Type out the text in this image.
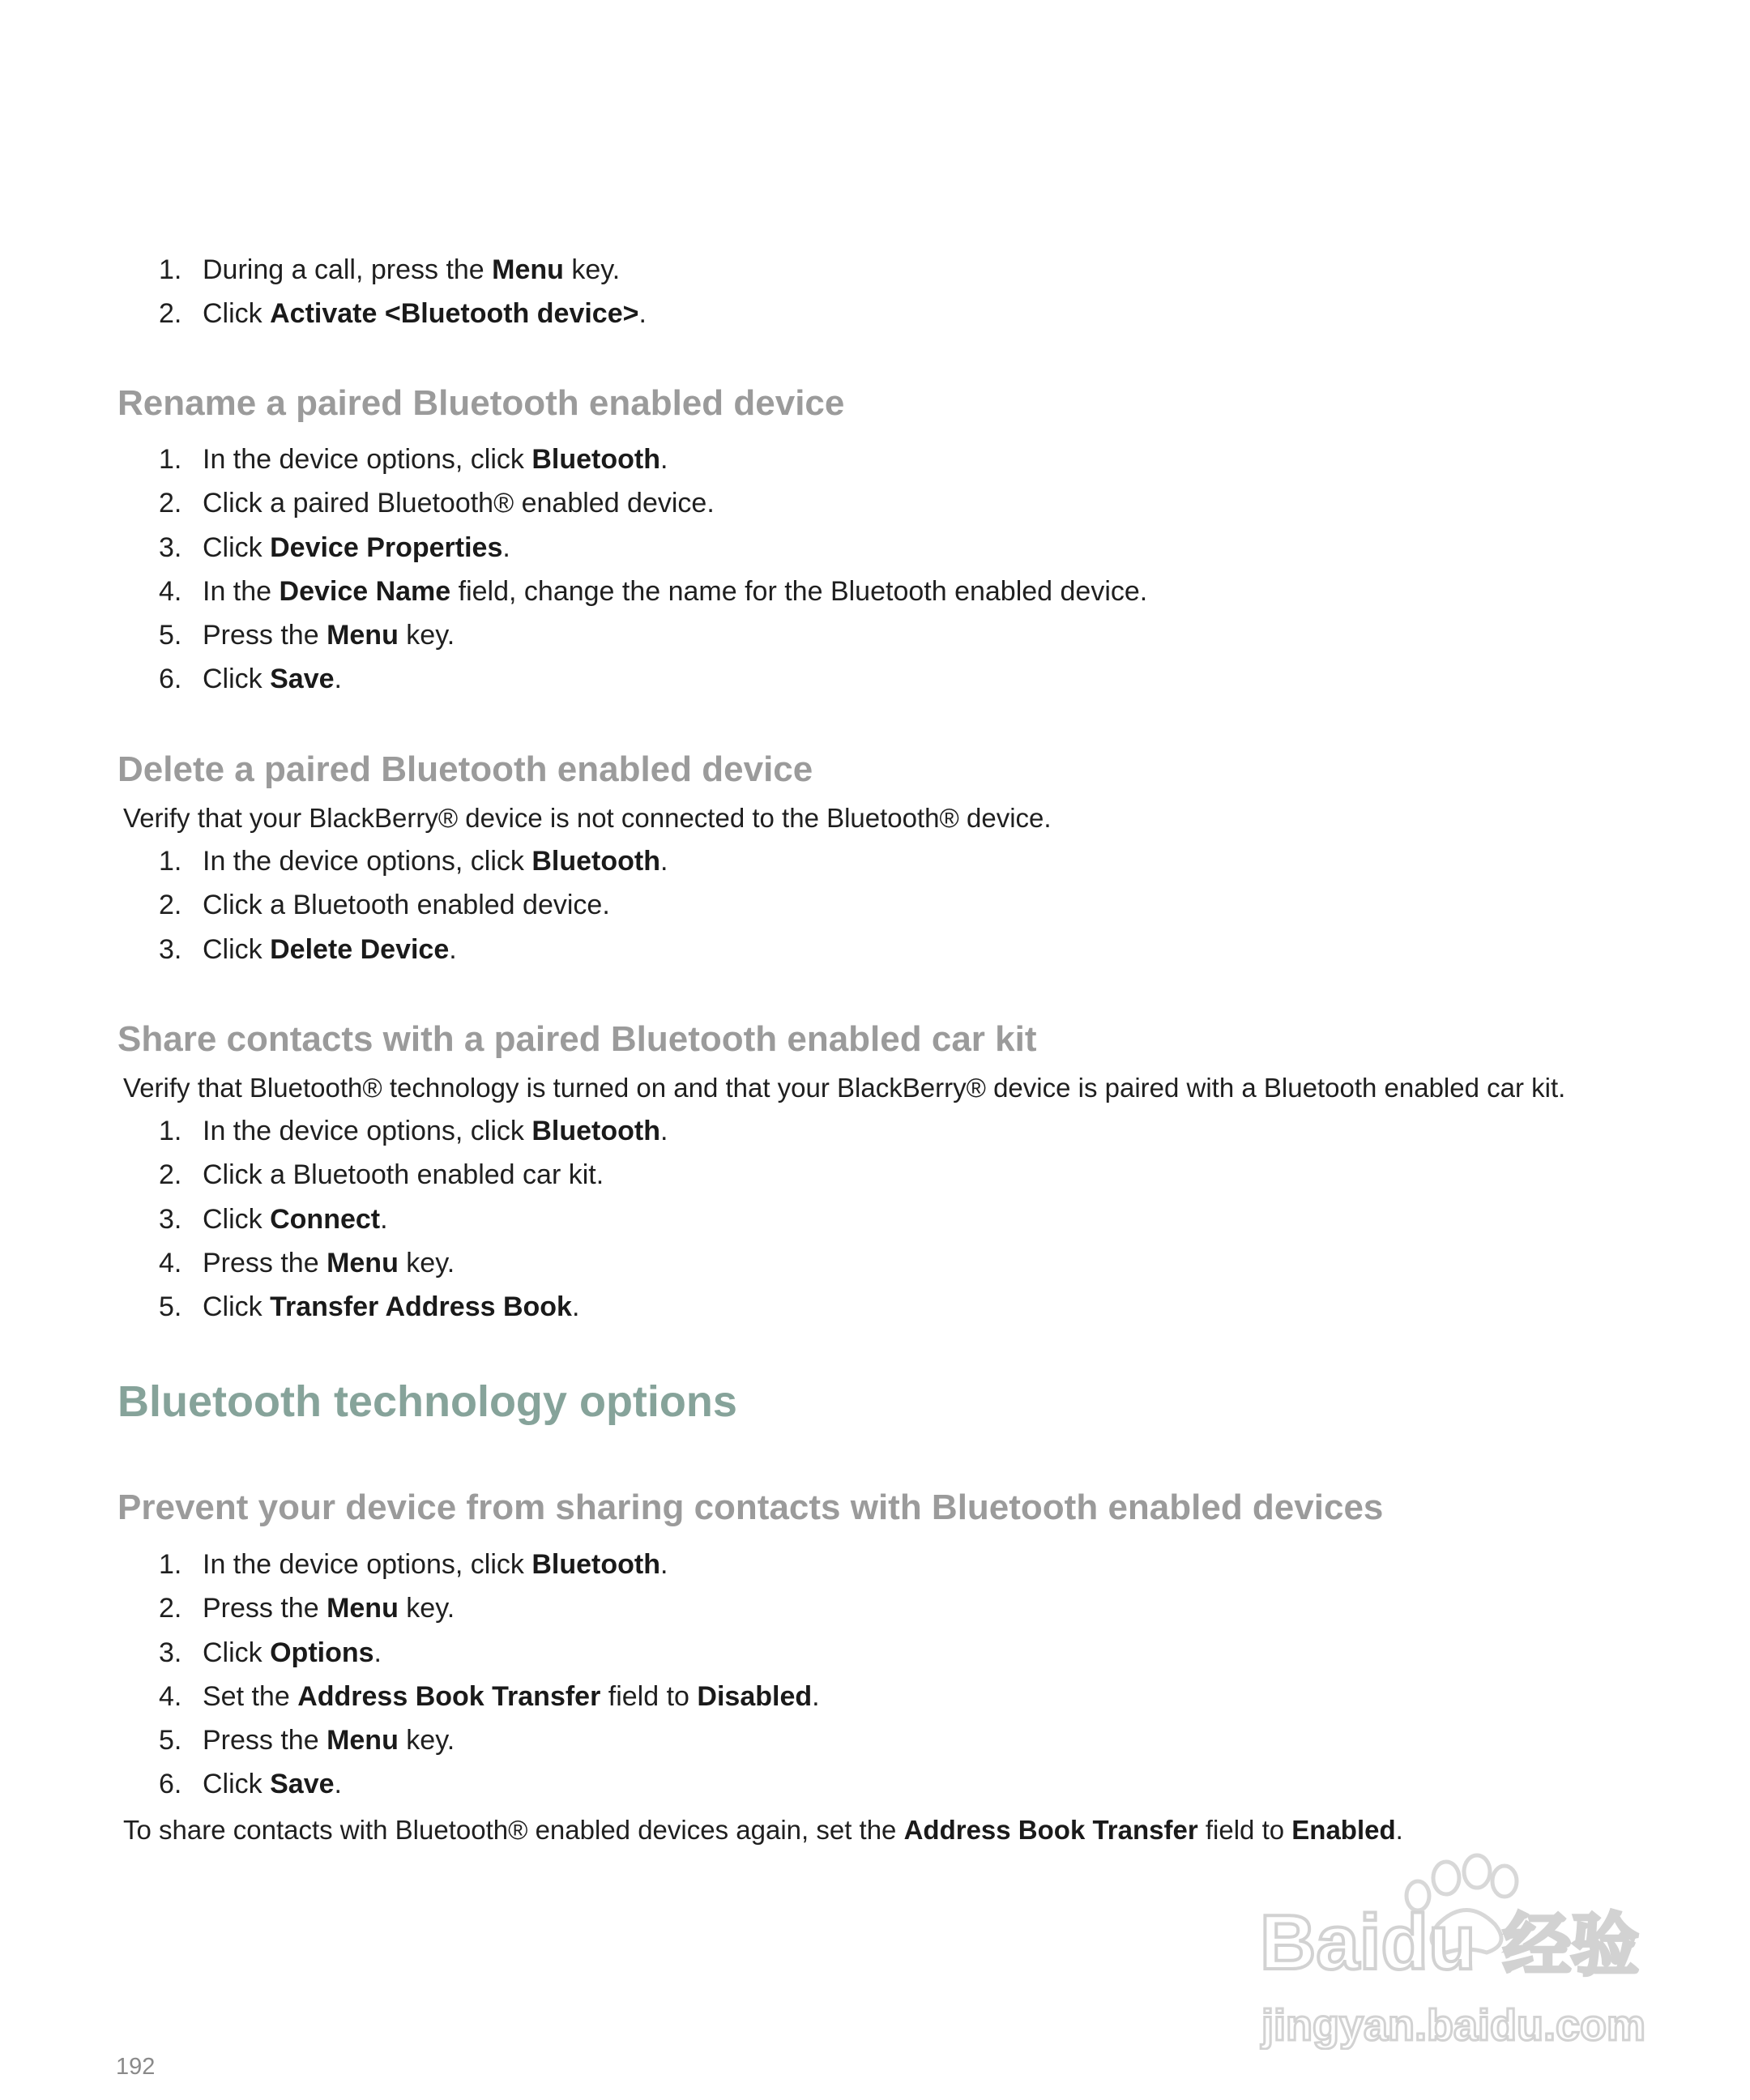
1. During a call, press the Menu key.
2. Click Activate <Bluetooth device>.
Rename a paired Bluetooth enabled device
1. In the device options, click Bluetooth.
2. Click a paired Bluetooth® enabled device.
3. Click Device Properties.
4. In the Device Name field, change the name for the Bluetooth enabled device.
5. Press the Menu key.
6. Click Save.
Delete a paired Bluetooth enabled device

Verify that your BlackBerry® device is not connected to the Bluetooth® device.

1. In the device options, click Bluetooth.
2. Click a Bluetooth enabled device.
3. Click Delete Device.
Share contacts with a paired Bluetooth enabled car kit

Verify that Bluetooth® technology is turned on and that your BlackBerry® device is paired with a Bluetooth enabled car kit.

1. In the device options, click Bluetooth.
2. Click a Bluetooth enabled car kit.
3. Click Connect.
4. Press the Menu key.
5. Click Transfer Address Book.
Bluetooth technology options
Prevent your device from sharing contacts with Bluetooth enabled devices
1. In the device options, click Bluetooth.
2. Press the Menu key.
3. Click Options.
4. Set the Address Book Transfer field to Disabled.
5. Press the Menu key.
6. Click Save.

To share contacts with Bluetooth® enabled devices again, set the Address Book Transfer field to Enabled.

192
Baidu 经验
jingyan.baidu.com
